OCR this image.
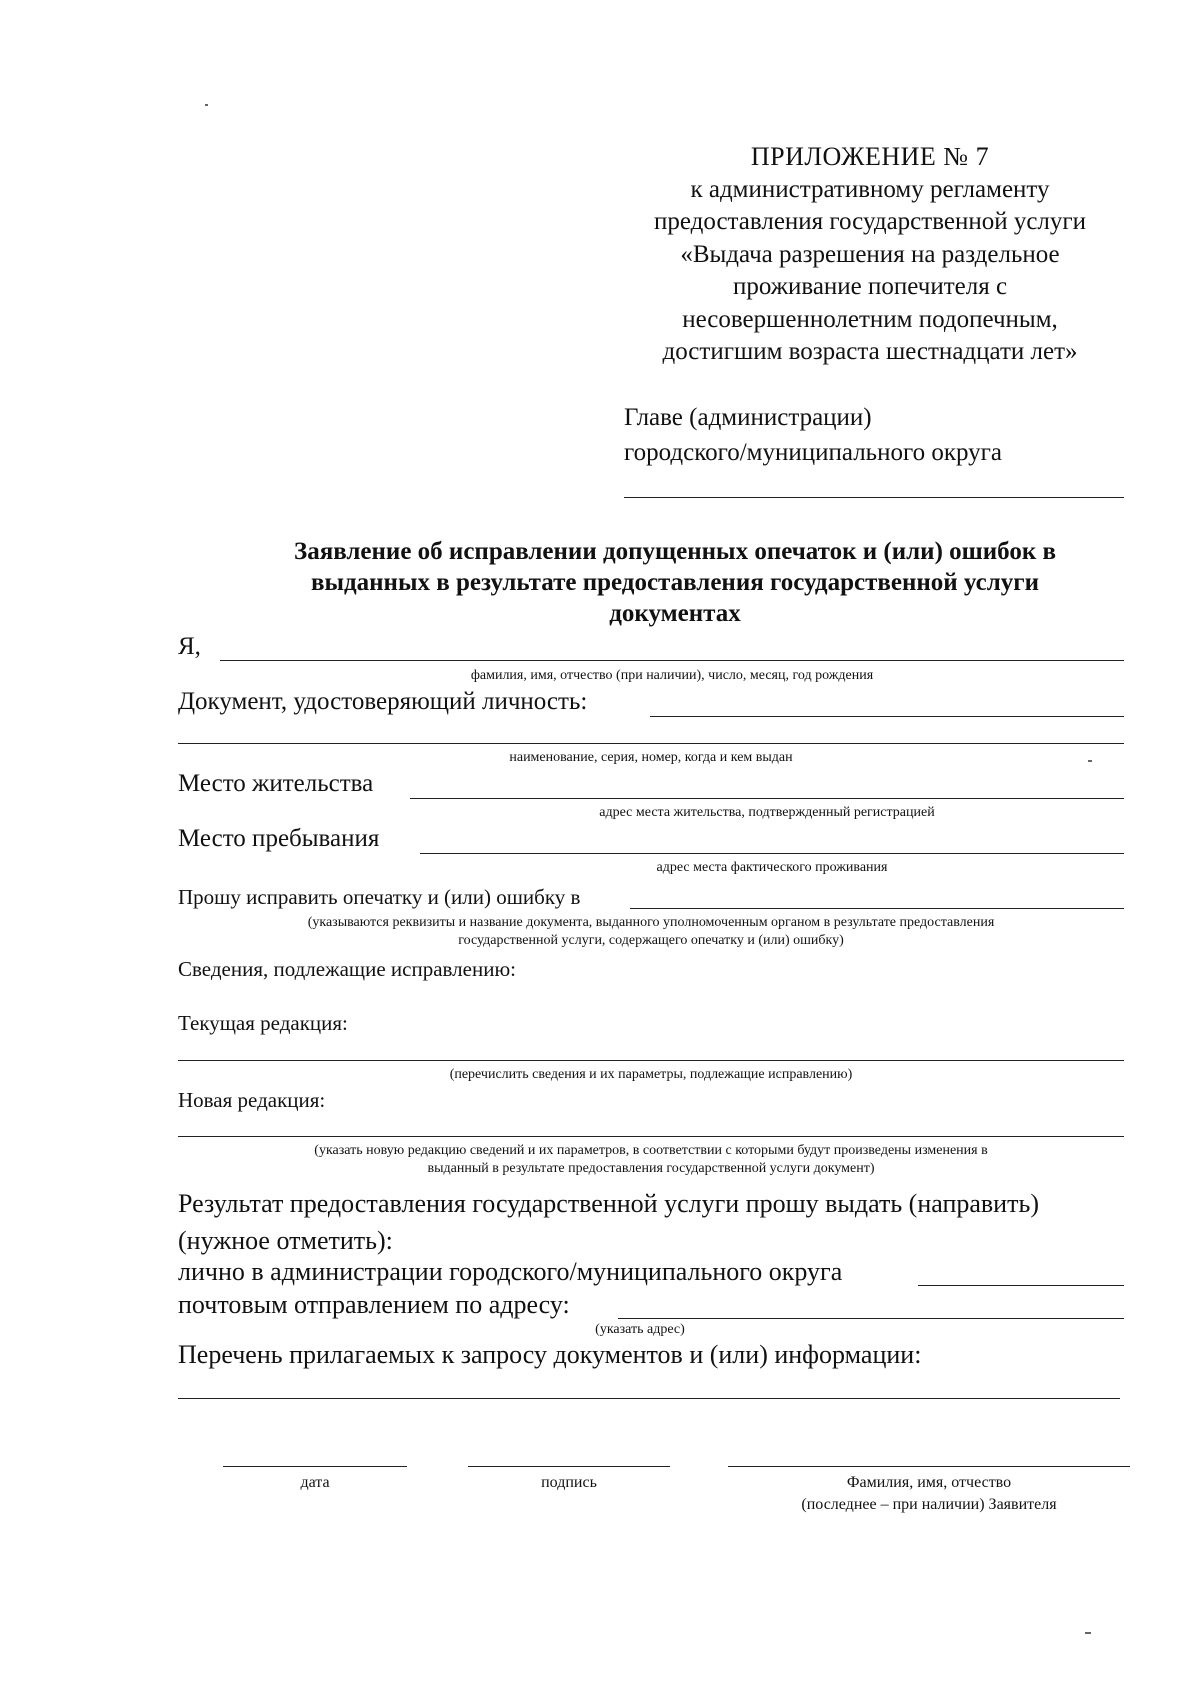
ПРИЛОЖЕНИЕ № 7
к административному регламенту
предоставления государственной услуги
«Выдача разрешения на раздельное
проживание попечителя с
несовершеннолетним подопечным,
достигшим возраста шестнадцати лет»
Главе (администрации)
городского/муниципального округа
Заявление об исправлении допущенных опечаток и (или) ошибок в
выданных в результате предоставления государственной услуги
документах
Я,
фамилия, имя, отчество (при наличии), число, месяц, год рождения
Документ, удостоверяющий личность:
наименование, серия, номер, когда и кем выдан
Место жительства
адрес места жительства, подтвержденный регистрацией
Место пребывания
адрес места фактического проживания
Прошу исправить опечатку и (или) ошибку в
(указываются реквизиты и название документа, выданного уполномоченным органом в результате предоставления
государственной услуги, содержащего опечатку и (или) ошибку)
Сведения, подлежащие исправлению:
Текущая редакция:
(перечислить сведения и их параметры, подлежащие исправлению)
Новая редакция:
(указать новую редакцию сведений и их параметров, в соответствии с которыми будут произведены изменения в
выданный в результате предоставления государственной услуги документ)
Результат предоставления государственной услуги прошу выдать (направить)
(нужное отметить):
лично в администрации городского/муниципального округа
почтовым отправлением по адресу:
(указать адрес)
Перечень прилагаемых к запросу документов и (или) информации:
дата	подпись	Фамилия, имя, отчество
(последнее – при наличии) Заявителя
